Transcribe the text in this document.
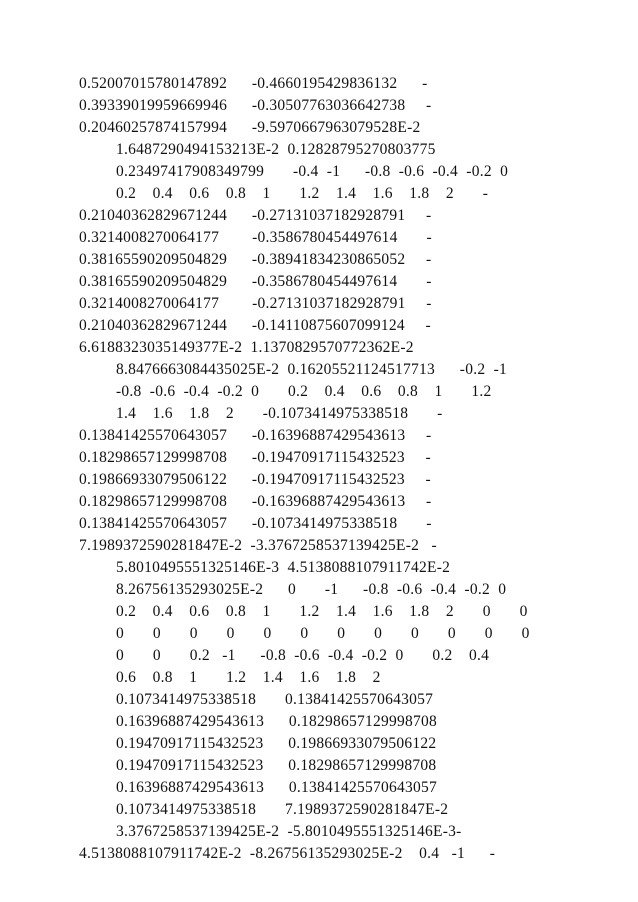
0.52007015780147892      -0.4660195429836132      -
0.39339019959669946      -0.30507763036642738     -
0.20460257874157994      -9.5970667963079528E-2
1.6487290494153213E-2  0.12828795270803775
0.23497417908349799       -0.4  -1      -0.8  -0.6  -0.4  -0.2  0
0.2    0.4    0.6    0.8    1       1.2    1.4    1.6    1.8    2       -
0.21040362829671244      -0.27131037182928791     -
0.3214008270064177        -0.3586780454497614       -
0.38165590209504829      -0.38941834230865052     -
0.38165590209504829      -0.3586780454497614       -
0.3214008270064177        -0.27131037182928791     -
0.21040362829671244      -0.14110875607099124     -
6.6188323035149377E-2  1.1370829570772362E-2
8.8476663084435025E-2  0.16205521124517713      -0.2  -1
-0.8  -0.6  -0.4  -0.2  0       0.2    0.4    0.6    0.8    1       1.2
1.4    1.6    1.8    2       -0.1073414975338518       -
0.13841425570643057      -0.16396887429543613     -
0.18298657129998708      -0.19470917115432523     -
0.19866933079506122      -0.19470917115432523     -
0.18298657129998708      -0.16396887429543613     -
0.13841425570643057      -0.1073414975338518       -
7.1989372590281847E-2  -3.3767258537139425E-2   -
5.8010495551325146E-3  4.5138088107911742E-2
8.26756135293025E-2      0       -1      -0.8  -0.6  -0.4  -0.2  0
0.2    0.4    0.6    0.8    1       1.2    1.4    1.6    1.8    2       0       0
0       0       0       0       0       0       0       0       0       0       0       0
0       0       0.2   -1      -0.8  -0.6  -0.4  -0.2  0       0.2    0.4
0.6    0.8    1       1.2    1.4    1.6    1.8    2
0.1073414975338518       0.13841425570643057
0.16396887429543613      0.18298657129998708
0.19470917115432523      0.19866933079506122
0.19470917115432523      0.18298657129998708
0.16396887429543613      0.13841425570643057
0.1073414975338518       7.1989372590281847E-2
3.3767258537139425E-2  -5.8010495551325146E-3-
4.5138088107911742E-2  -8.26756135293025E-2    0.4   -1      -
